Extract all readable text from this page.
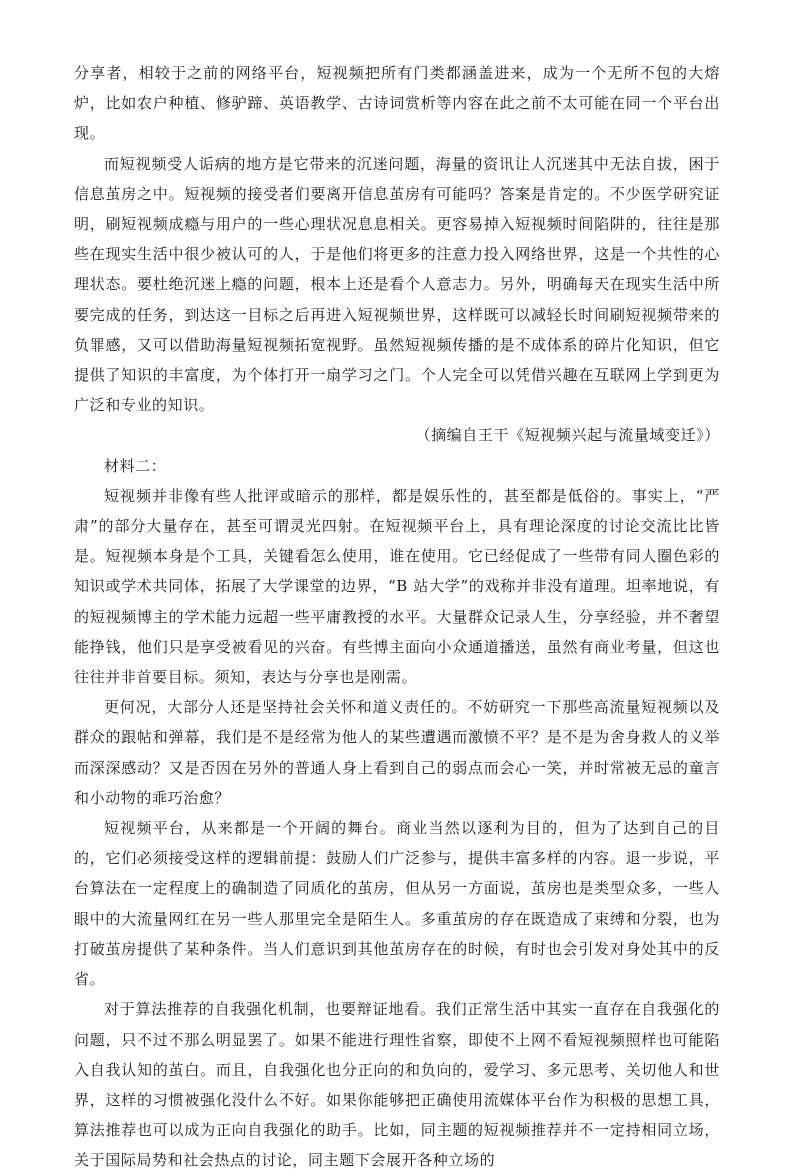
分享者，相较于之前的网络平台，短视频把所有门类都涵盖进来，成为一个无所不包的大熔炉，比如农户种植、修驴蹄、英语教学、古诗词赏析等内容在此之前不太可能在同一个平台出现。

而短视频受人诟病的地方是它带来的沉迷问题，海量的资讯让人沉迷其中无法自拔，困于信息茧房之中。短视频的接受者们要离开信息茧房有可能吗？答案是肯定的。不少医学研究证明，刷短视频成瘾与用户的一些心理状况息息相关。更容易掉入短视频时间陷阱的，往往是那些在现实生活中很少被认可的人，于是他们将更多的注意力投入网络世界，这是一个共性的心理状态。要杜绝沉迷上瘾的问题，根本上还是看个人意志力。另外，明确每天在现实生活中所要完成的任务，到达这一目标之后再进入短视频世界，这样既可以减轻长时间刷短视频带来的负罪感，又可以借助海量短视频拓宽视野。虽然短视频传播的是不成体系的碎片化知识，但它提供了知识的丰富度，为个体打开一扇学习之门。个人完全可以凭借兴趣在互联网上学到更为广泛和专业的知识。

（摘编自王干《短视频兴起与流量域变迁》）

材料二：

短视频并非像有些人批评或暗示的那样，都是娱乐性的，甚至都是低俗的。事实上，“严肃”的部分大量存在，甚至可谓灵光四射。在短视频平台上，具有理论深度的讨论交流比比皆是。短视频本身是个工具，关键看怎么使用，谁在使用。它已经促成了一些带有同人圈色彩的知识或学术共同体，拓展了大学课堂的边界，“B 站大学”的戏称并非没有道理。坦率地说，有的短视频博主的学术能力远超一些平庸教授的水平。大量群众记录人生，分享经验，并不奢望能挣钱，他们只是享受被看见的兴奋。有些博主面向小众通道播送，虽然有商业考量，但这也往往并非首要目标。须知，表达与分享也是刚需。

更何况，大部分人还是坚持社会关怀和道义责任的。不妨研究一下那些高流量短视频以及群众的跟帖和弹幕，我们是不是经常为他人的某些遭遇而激愤不平？是不是为舍身救人的义举而深深感动？又是否因在另外的普通人身上看到自己的弱点而会心一笑，并时常被无忌的童言和小动物的乖巧治愈？

短视频平台，从来都是一个开阔的舞台。商业当然以逐利为目的，但为了达到自己的目的，它们必须接受这样的逻辑前提：鼓励人们广泛参与，提供丰富多样的内容。退一步说，平台算法在一定程度上的确制造了同质化的茧房，但从另一方面说，茧房也是类型众多，一些人眼中的大流量网红在另一些人那里完全是陌生人。多重茧房的存在既造成了束缚和分裂，也为打破茧房提供了某种条件。当人们意识到其他茧房存在的时候，有时也会引发对身处其中的反省。

对于算法推荐的自我强化机制，也要辩证地看。我们正常生活中其实一直存在自我强化的问题，只不过不那么明显罢了。如果不能进行理性省察，即使不上网不看短视频照样也可能陷入自我认知的茧白。而且，自我强化也分正向的和负向的，爱学习、多元思考、关切他人和世界，这样的习惯被强化没什么不好。如果你能够把正确使用流媒体平台作为积极的思想工具，算法推荐也可以成为正向自我强化的助手。比如，同主题的短视频推荐并不一定持相同立场，关于国际局势和社会热点的讨论，同主题下会展开各种立场的
